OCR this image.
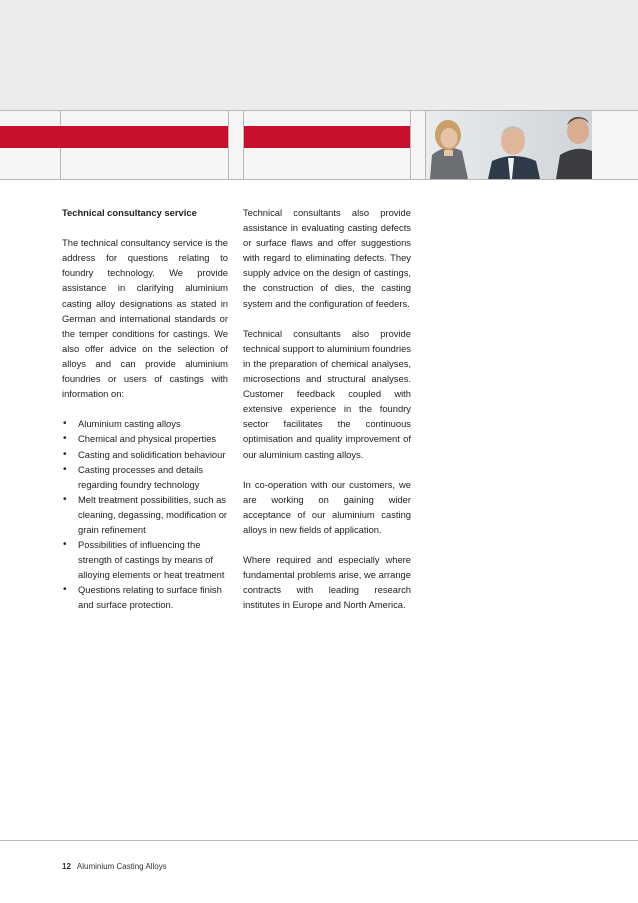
Technical consultancy service

The technical consultancy service is the address for questions relating to foundry technology. We provide assistance in clarifying aluminium casting alloy designations as stated in German and international standards or the temper conditions for castings. We also offer advice on the selection of alloys and can provide aluminium foundries or users of castings with information on:

• Aluminium casting alloys
• Chemical and physical properties
• Casting and solidification behaviour
• Casting processes and details regarding foundry technology
• Melt treatment possibilities, such as cleaning, degassing, modification or grain refinement
• Possibilities of influencing the strength of castings by means of alloying elements or heat treatment
• Questions relating to surface finish and surface protection.

Technical consultants also provide assistance in evaluating casting defects or surface flaws and offer suggestions with regard to eliminating defects. They supply advice on the design of castings, the construction of dies, the casting system and the configuration of feeders.

Technical consultants also provide technical support to aluminium foundries in the preparation of chemical analyses, microsections and structural analyses. Customer feedback coupled with extensive experience in the foundry sector facilitates the continuous optimisation and quality improvement of our aluminium casting alloys.

In co-operation with our customers, we are working on gaining wider acceptance of our aluminium casting alloys in new fields of application.

Where required and especially where fundamental problems arise, we arrange contracts with leading research institutes in Europe and North America.

12 Aluminium Casting Alloys
